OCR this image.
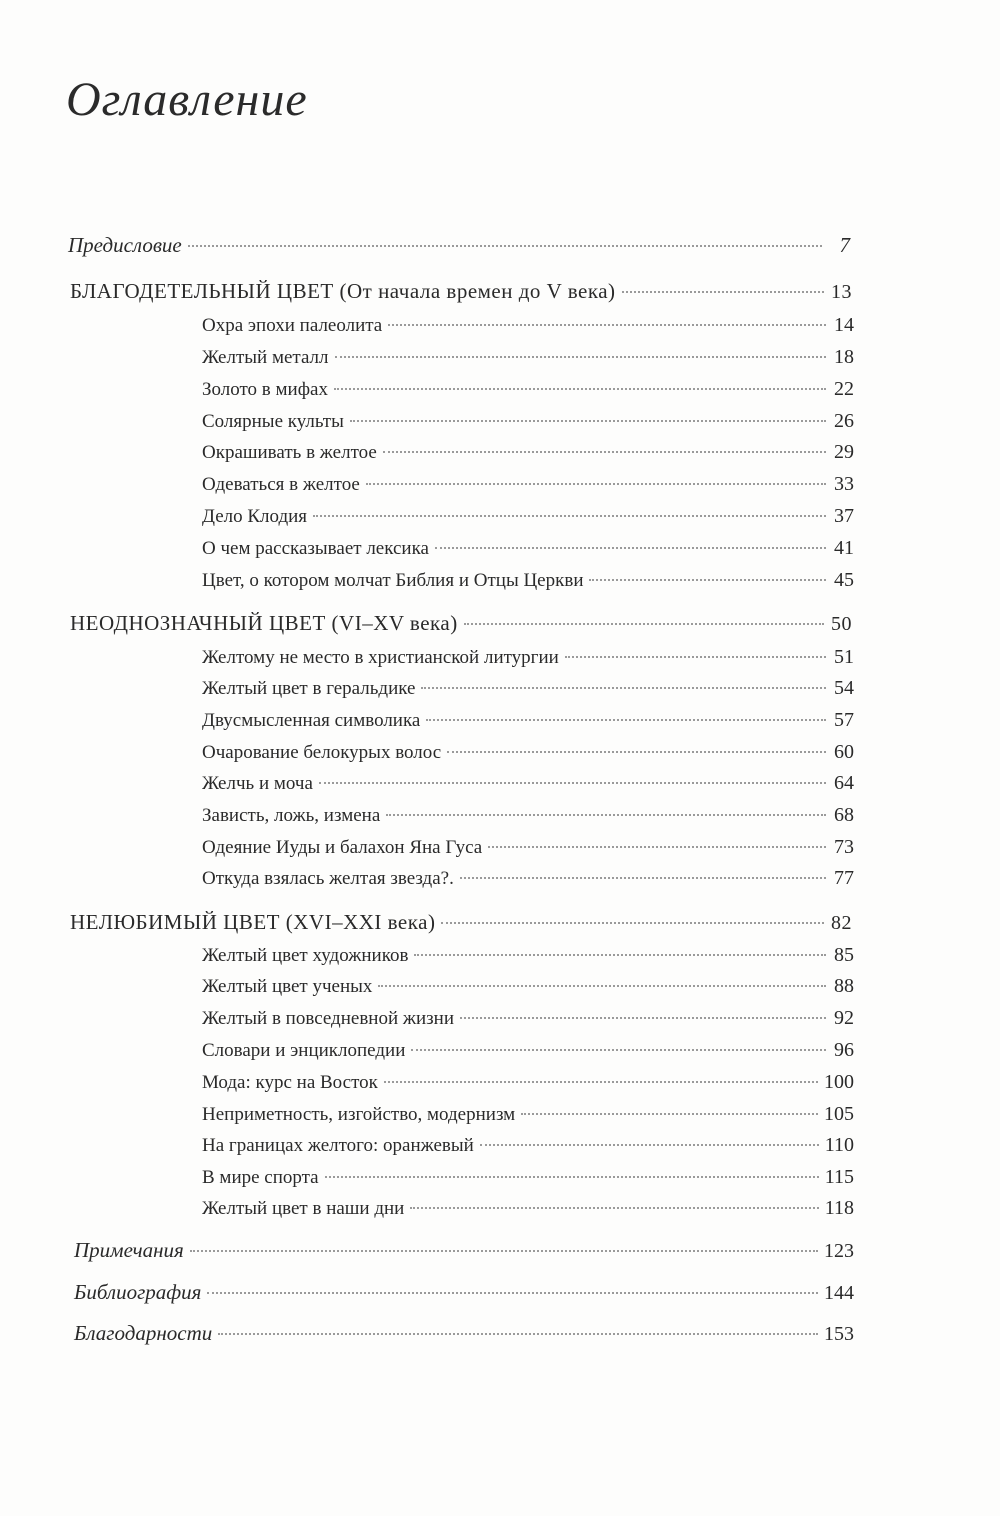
Оглавление
Предисловие	7
БЛАГОДЕТЕЛЬНЫЙ ЦВЕТ (От начала времен до V века)	13
Охра эпохи палеолита	14
Желтый металл	18
Золото в мифах	22
Солярные культы	26
Окрашивать в желтое	29
Одеваться в желтое	33
Дело Клодия	37
О чем рассказывает лексика	41
Цвет, о котором молчат Библия и Отцы Церкви	45
НЕОДНОЗНАЧНЫЙ ЦВЕТ (VI–XV века)	50
Желтому не место в христианской литургии	51
Желтый цвет в геральдике	54
Двусмысленная символика	57
Очарование белокурых волос	60
Желчь и моча	64
Зависть, ложь, измена	68
Одеяние Иуды и балахон Яна Гуса	73
Откуда взялась желтая звезда?.	77
НЕЛЮБИМЫЙ ЦВЕТ (XVI–XXI века)	82
Желтый цвет художников	85
Желтый цвет ученых	88
Желтый в повседневной жизни	92
Словари и энциклопедии	96
Мода: курс на Восток	100
Неприметность, изгойство, модернизм	105
На границах желтого: оранжевый	110
В мире спорта	115
Желтый цвет в наши дни	118
Примечания	123
Библиография	144
Благодарности	153
